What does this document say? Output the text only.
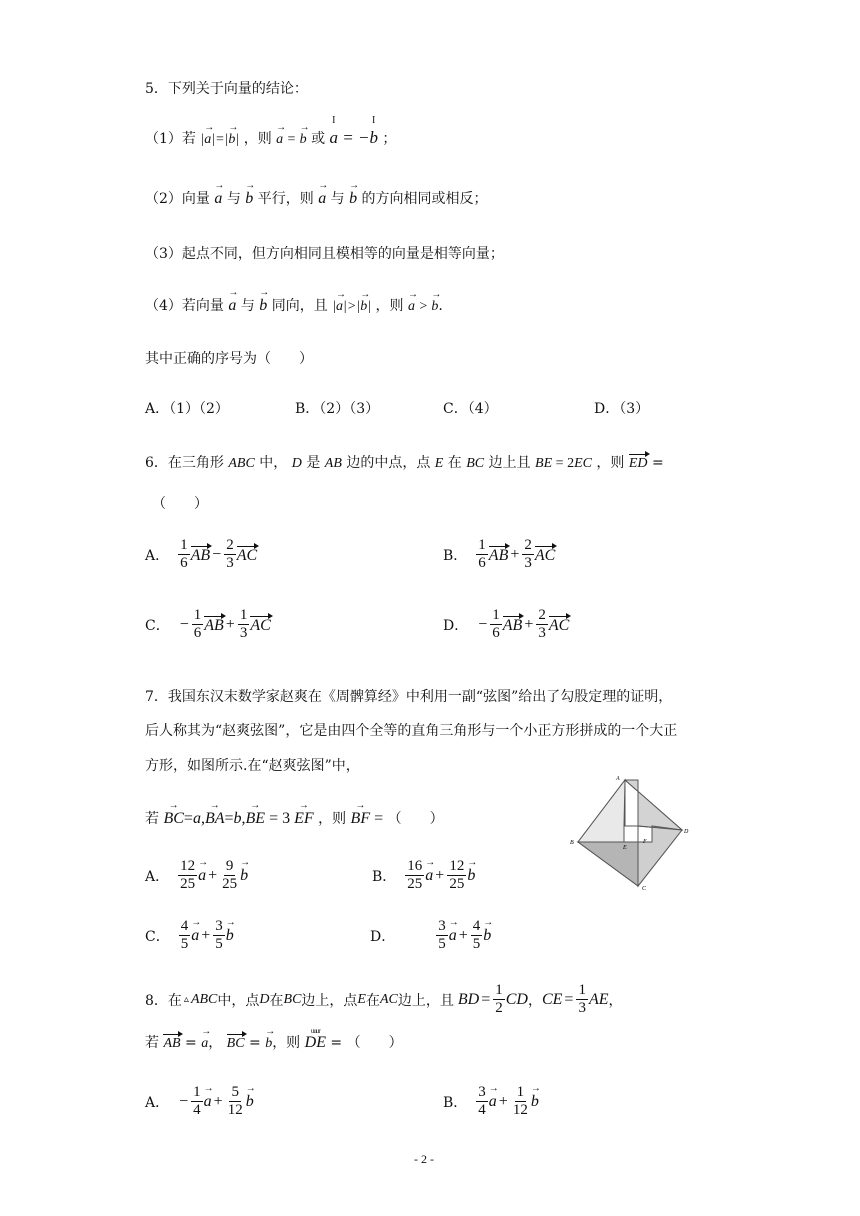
5．下列关于向量的结论：
（1）若 |a
→
|=|b
→
| ，则 a
→
= b
→
或 a
I
= −b
I
；
（2）向量 a
→
与 b
→
平行，则 a
→
与 b
→
的方向相同或相反；
（3）起点不同，但方向相同且模相等的向量是相等向量；
（4）若向量 a
→
与 b
→
同向，且 |a
→
|>|b
→
| ，则 a
→
> b
→
.
其中正确的序号为（　　）
A．（1）（2）	B．（2）（3）	C．（4）	D．（3）
6．在三角形 ABC 中， D 是 AB 边的中点，点 E 在 BC 边上且 BE = 2EC ，则 ED =
（　　）
A． $\frac{1}{6}$ AB − $\frac{2}{3}$ AC	B． $\frac{1}{6}$ AB + $\frac{2}{3}$ AC
C． − $\frac{1}{6}$ AB + $\frac{1}{3}$ AC	D． − $\frac{1}{6}$ AB + $\frac{2}{3}$ AC
7．我国东汉末数学家赵爽在《周髀算经》中利用一副“弦图”给出了勾股定理的证明，
后人称其为“赵爽弦图”，它是由四个全等的直角三角形与一个小正方形拼成的一个大正
方形，如图所示.在“赵爽弦图”中，
若 BC
→
=a,BA
→
=b,BE
→
= 3 EF
→
，则 BF
→
= （　　）
A
B
C
D
E
F
A． $\frac{12}{25}$ a
→
+ $\frac{9}{25}$ b
→
B． $\frac{16}{25}$ a
→
+ $\frac{12}{25}$ b
→
C． $\frac{4}{5}$ a
→
+ $\frac{3}{5}$ b
→
D．	$\frac{3}{5}$ a
→
+ $\frac{4}{5}$ b
→
8．在 ▵ ABC 中，点 D 在 BC 边上，点 E 在 AC 边上，且 BD = $\frac{1}{2}$ CD ， CE = $\frac{1}{3}$ AE ，
若 AB = a
→
， BC = b
→
，则 DE
uuur
= （　　）
A． − $\frac{1}{4}$ a
→
+ $\frac{5}{12}$ b
→
B． $\frac{3}{4}$ a
→
+ $\frac{1}{12}$ b
→
- 2 -
